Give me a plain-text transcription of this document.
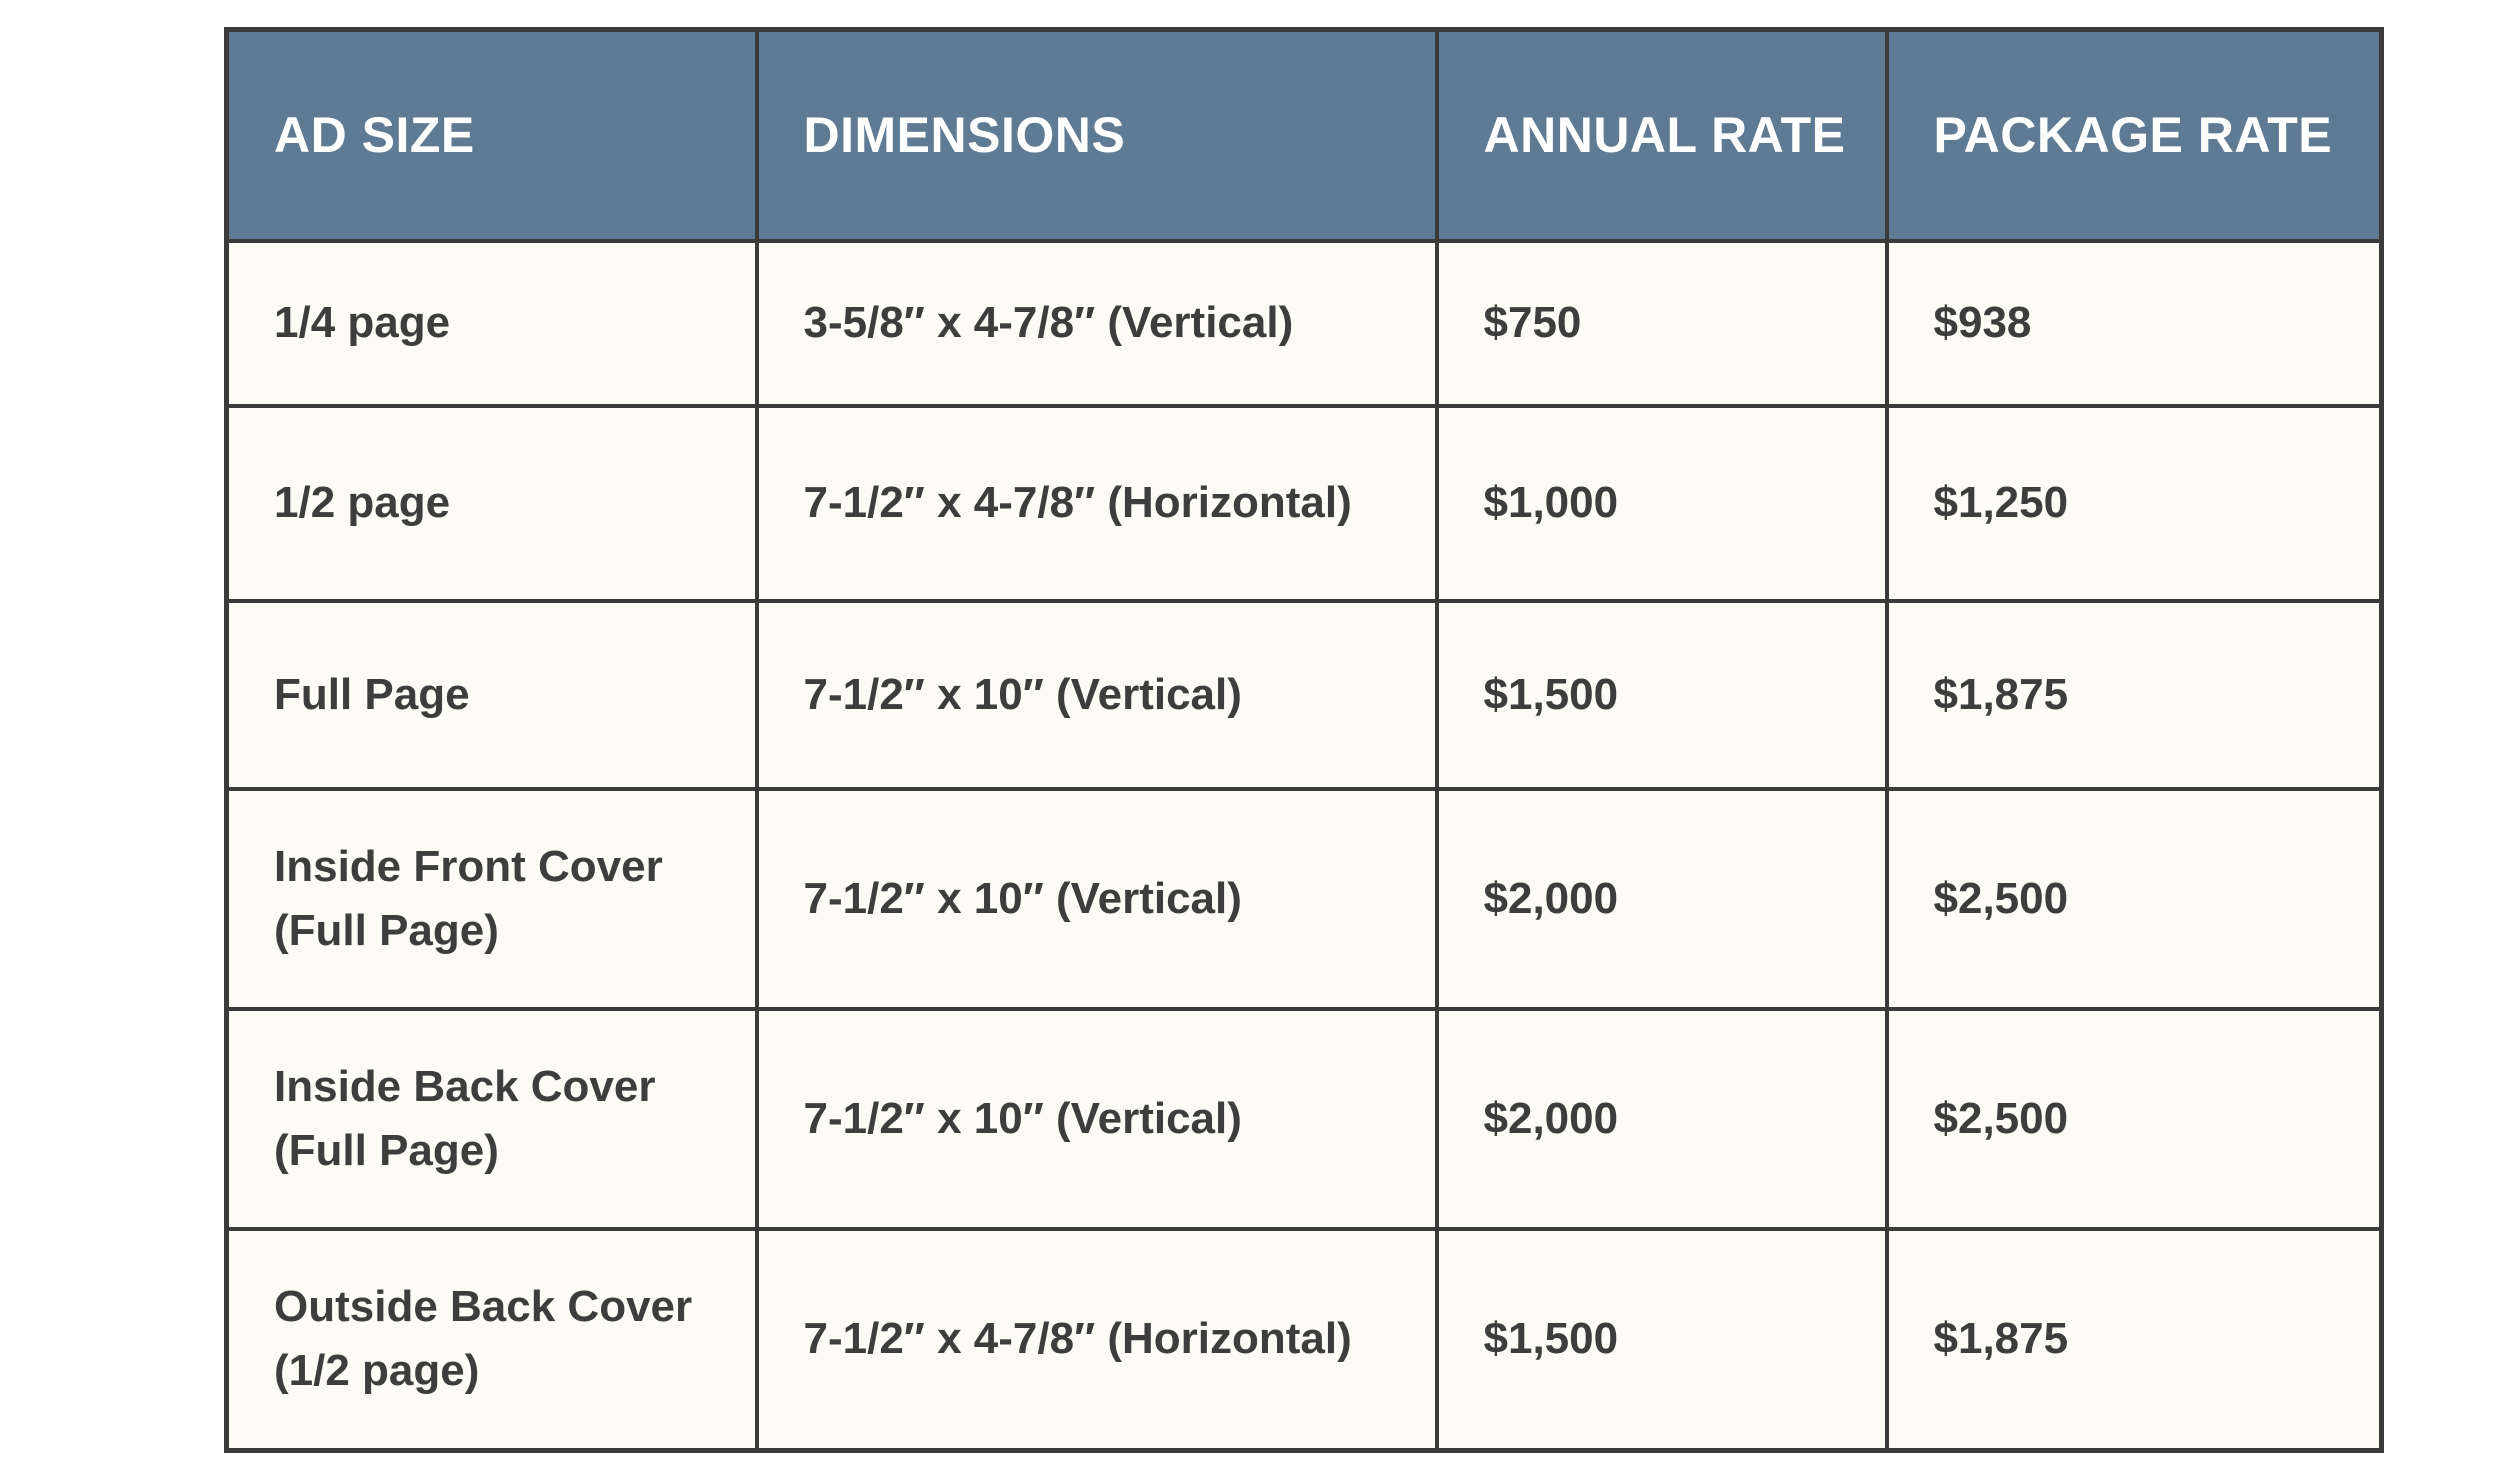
AD SIZE	DIMENSIONS	ANNUAL RATE	PACKAGE RATE

1/4 page	3-5/8″ x 4-7/8″ (Vertical)	$750	$938

1/2 page	7-1/2″ x 4-7/8″ (Horizontal)	$1,000	$1,250

Full Page	7-1/2″ x 10″ (Vertical)	$1,500	$1,875

Inside Front Cover
(Full Page)	7-1/2″ x 10″ (Vertical)	$2,000	$2,500

Inside Back Cover
(Full Page)	7-1/2″ x 10″ (Vertical)	$2,000	$2,500

Outside Back Cover
(1/2 page)	7-1/2″ x 4-7/8″ (Horizontal)	$1,500	$1,875
